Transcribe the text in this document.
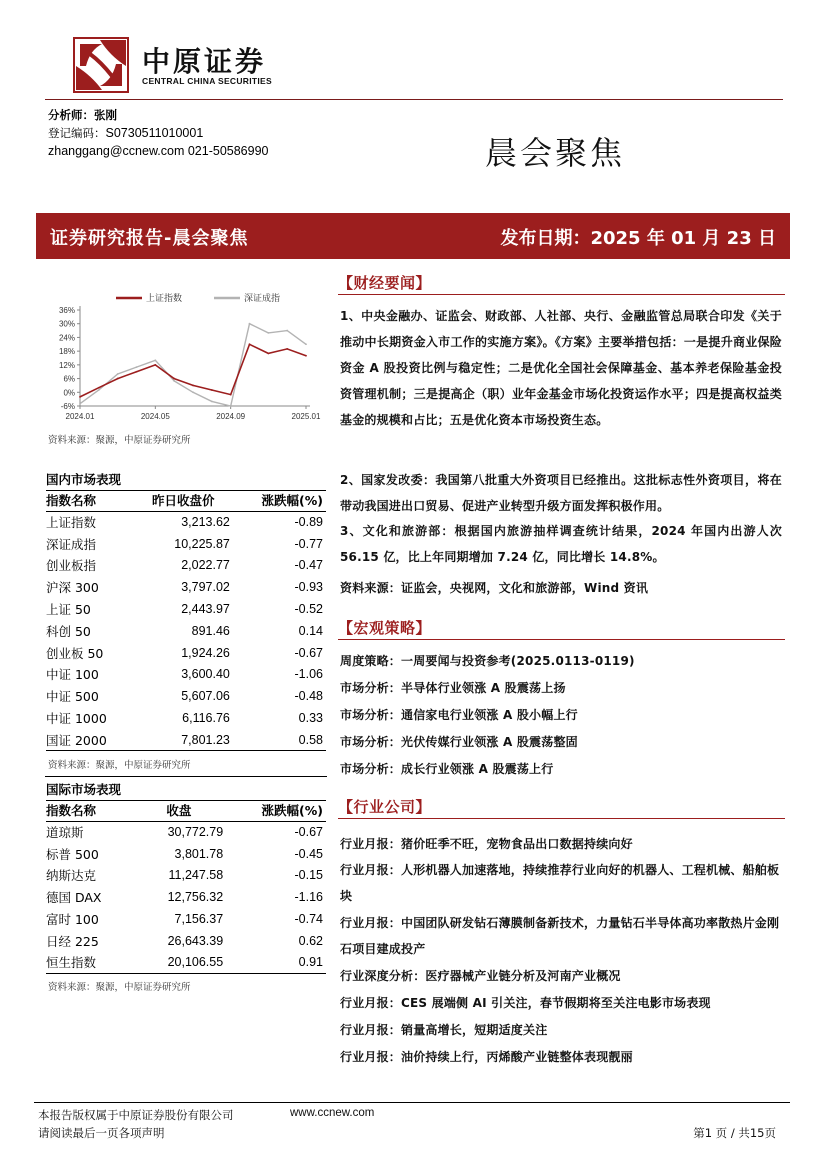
中原证券
CENTRAL CHINA SECURITIES
分析师：张刚
登记编码：S0730511010001
zhanggang@ccnew.com 021-50586990	晨会聚焦
证券研究报告-晨会聚焦	发布日期：2025 年 01 月 23 日
36%
30%
24%
18%
12%
6%
0%
-6%
2024.01	2024.05	2024.09	2025.01
上证指数	深证成指
资料来源：聚源，中原证券研究所
国内市场表现
指数名称	昨日收盘价	涨跌幅(%)
上证指数	3,213.62	-0.89
深证成指	10,225.87	-0.77
创业板指	2,022.77	-0.47
沪深 300	3,797.02	-0.93
上证 50	2,443.97	-0.52
科创 50	891.46	0.14
创业板 50	1,924.26	-0.67
中证 100	3,600.40	-1.06
中证 500	5,607.06	-0.48
中证 1000	6,116.76	0.33
国证 2000	7,801.23	0.58
资料来源：聚源，中原证券研究所
国际市场表现
指数名称	收盘	涨跌幅(%)
道琼斯	30,772.79	-0.67
标普 500	3,801.78	-0.45
纳斯达克	11,247.58	-0.15
德国 DAX	12,756.32	-1.16
富时 100	7,156.37	-0.74
日经 225	26,643.39	0.62
恒生指数	20,106.55	0.91
资料来源：聚源，中原证券研究所
【财经要闻】
1、中央金融办、证监会、财政部、人社部、央行、金融监管总局联合印发《关于推动中长期资金入市工作的实施方案》。《方案》主要举措包括：一是提升商业保险资金 A 股投资比例与稳定性；二是优化全国社会保障基金、基本养老保险基金投资管理机制；三是提高企（职）业年金基金市场化投资运作水平；四是提高权益类基金的规模和占比；五是优化资本市场投资生态。
2、国家发改委：我国第八批重大外资项目已经推出。这批标志性外资项目，将在带动我国进出口贸易、促进产业转型升级方面发挥积极作用。
3、文化和旅游部：根据国内旅游抽样调查统计结果，2024 年国内出游人次 56.15 亿，比上年同期增加 7.24 亿，同比增长 14.8%。
资料来源：证监会，央视网，文化和旅游部，Wind 资讯
【宏观策略】
周度策略：一周要闻与投资参考(2025.0113-0119)
市场分析：半导体行业领涨 A 股震荡上扬
市场分析：通信家电行业领涨 A 股小幅上行
市场分析：光伏传媒行业领涨 A 股震荡整固
市场分析：成长行业领涨 A 股震荡上行
【行业公司】
行业月报：猪价旺季不旺，宠物食品出口数据持续向好
行业月报：人形机器人加速落地，持续推荐行业向好的机器人、工程机械、船舶板块
行业月报：中国团队研发钻石薄膜制备新技术，力量钻石半导体高功率散热片金刚石项目建成投产
行业深度分析：医疗器械产业链分析及河南产业概况
行业月报：CES 展端侧 AI 引关注，春节假期将至关注电影市场表现
行业月报：销量高增长，短期适度关注
行业月报：油价持续上行，丙烯酸产业链整体表现靓丽
本报告版权属于中原证券股份有限公司	www.ccnew.com
请阅读最后一页各项声明	第1 页 / 共15页
